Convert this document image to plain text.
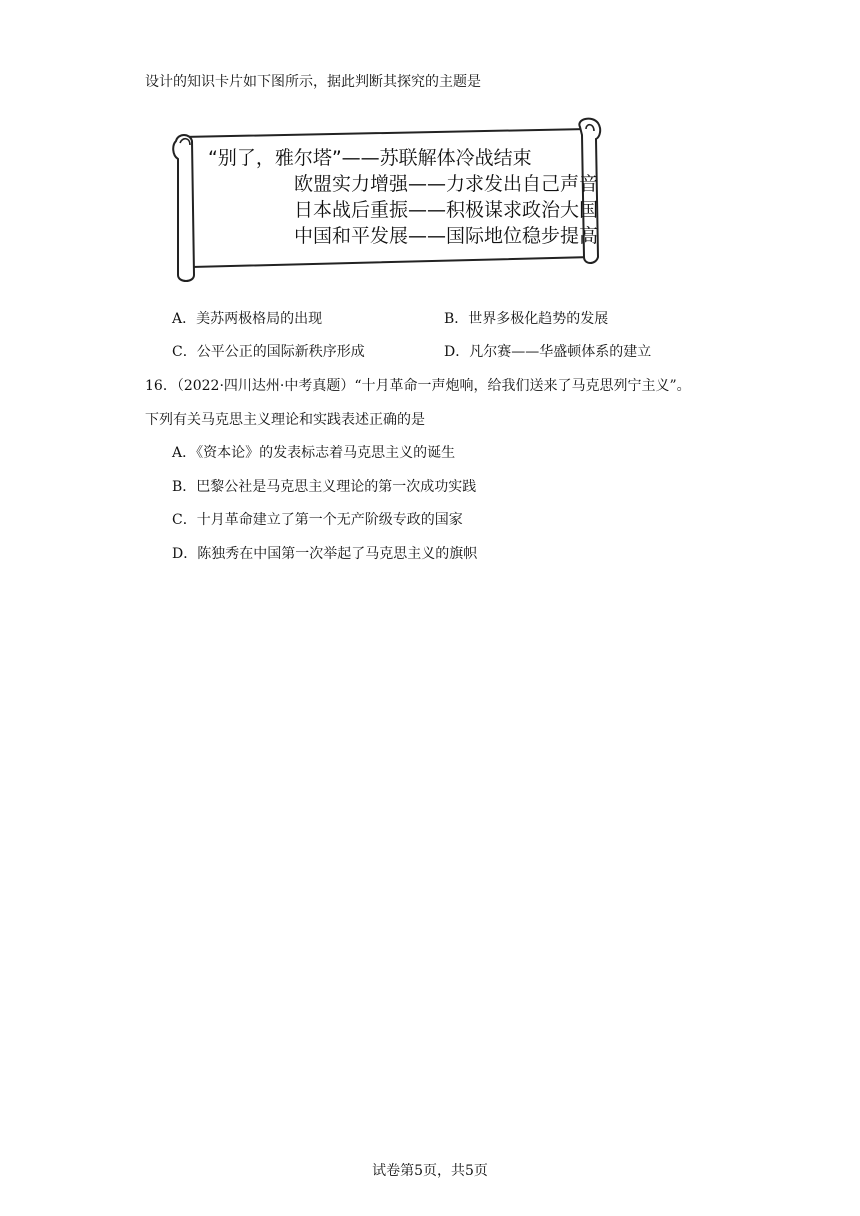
设计的知识卡片如下图所示，据此判断其探究的主题是
“别了，雅尔塔”——苏联解体冷战结束
欧盟实力增强——力求发出自己声音
日本战后重振——积极谋求政治大国
中国和平发展——国际地位稳步提高
A．美苏两极格局的出现	B．世界多极化趋势的发展
C．公平公正的国际新秩序形成	D．凡尔赛——华盛顿体系的建立
16．（2022·四川达州·中考真题）“十月革命一声炮响，给我们送来了马克思列宁主义”。
下列有关马克思主义理论和实践表述正确的是
A．《资本论》的发表标志着马克思主义的诞生
B．巴黎公社是马克思主义理论的第一次成功实践
C．十月革命建立了第一个无产阶级专政的国家
D．陈独秀在中国第一次举起了马克思主义的旗帜
试卷第5页，共5页
